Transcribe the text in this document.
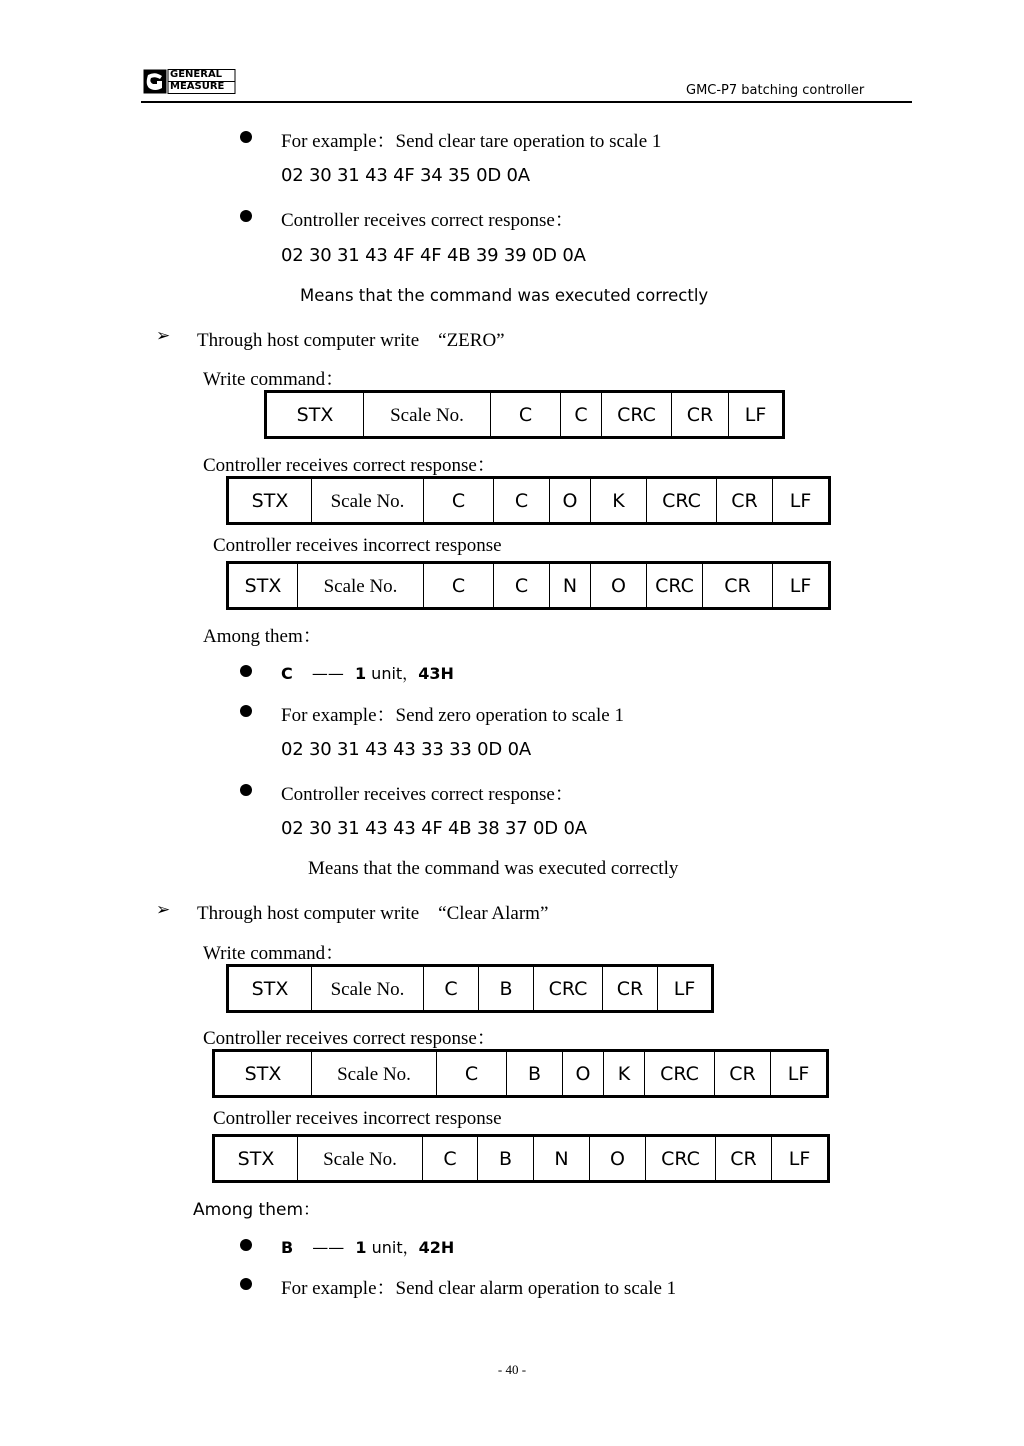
GENERAL
MEASURE	GMC-P7 batching controller
For example：Send clear tare operation to scale 1
02 30 31 43 4F 34 35 0D 0A
Controller receives correct response：
02 30 31 43 4F 4F 4B 39 39 0D 0A
Means that the command was executed correctly
➢ Through host computer write　“ZERO”
Write command：
STX	Scale No.	C	C	CRC	CR	LF
Controller receives correct response：
STX	Scale No.	C	C	O	K	CRC	CR	LF
Controller receives incorrect response
STX	Scale No.	C	C	N	O	CRC	CR	LF
Among them：
C —— 1 unit，43H
For example：Send zero operation to scale 1
02 30 31 43 43 33 33 0D 0A
Controller receives correct response：
02 30 31 43 43 4F 4B 38 37 0D 0A
Means that the command was executed correctly
➢ Through host computer write　“Clear Alarm”
Write command：
STX	Scale No.	C	B	CRC	CR	LF
Controller receives correct response：
STX	Scale No.	C	B	O	K	CRC	CR	LF
Controller receives incorrect response
STX	Scale No.	C	B	N	O	CRC	CR	LF
Among them：
B —— 1 unit，42H
For example：Send clear alarm operation to scale 1
- 40 -
